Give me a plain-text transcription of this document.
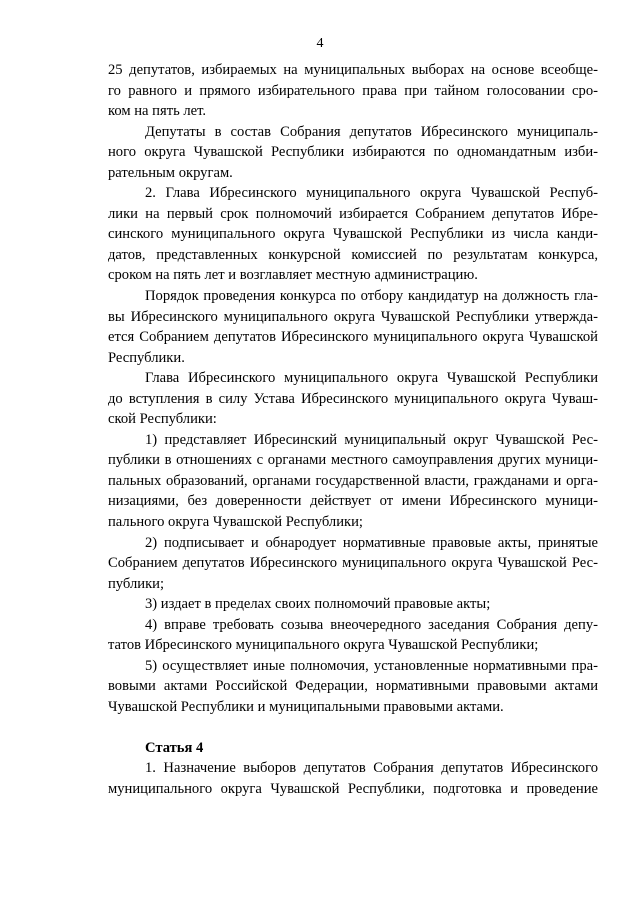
4
25 депутатов, избираемых на муниципальных выборах на основе всеобще-
го равного и прямого избирательного права при тайном голосовании сро-
ком на пять лет.
Депутаты в состав Собрания депутатов Ибресинского муниципаль-
ного округа Чувашской Республики избираются по одномандатным изби-
рательным округам.
2. Глава Ибресинского муниципального округа Чувашской Респуб-
лики на первый срок полномочий избирается Собранием депутатов Ибре-
синского муниципального округа Чувашской Республики из числа канди-
датов, представленных конкурсной комиссией по результатам конкурса,
сроком на пять лет и возглавляет местную администрацию.
Порядок проведения конкурса по отбору кандидатур на должность гла-
вы Ибресинского муниципального округа Чувашской Республики утвержда-
ется Собранием депутатов Ибресинского муниципального округа Чувашской
Республики.
Глава Ибресинского муниципального округа Чувашской Республики
до вступления в силу Устава Ибресинского муниципального округа Чуваш-
ской Республики:
1) представляет Ибресинский муниципальный округ Чувашской Рес-
публики в отношениях с органами местного самоуправления других муници-
пальных образований, органами государственной власти, гражданами и орга-
низациями, без доверенности действует от имени Ибресинского муници-
пального округа Чувашской Республики;
2) подписывает и обнародует нормативные правовые акты, принятые
Собранием депутатов Ибресинского муниципального округа Чувашской Рес-
публики;
3) издает в пределах своих полномочий правовые акты;
4) вправе требовать созыва внеочередного заседания Собрания депу-
татов Ибресинского муниципального округа Чувашской Республики;
5) осуществляет иные полномочия, установленные нормативными пра-
вовыми актами Российской Федерации, нормативными правовыми актами
Чувашской Республики и муниципальными правовыми актами.
Статья 4
1. Назначение выборов депутатов Собрания депутатов Ибресинского
муниципального округа Чувашской Республики, подготовка и проведение
